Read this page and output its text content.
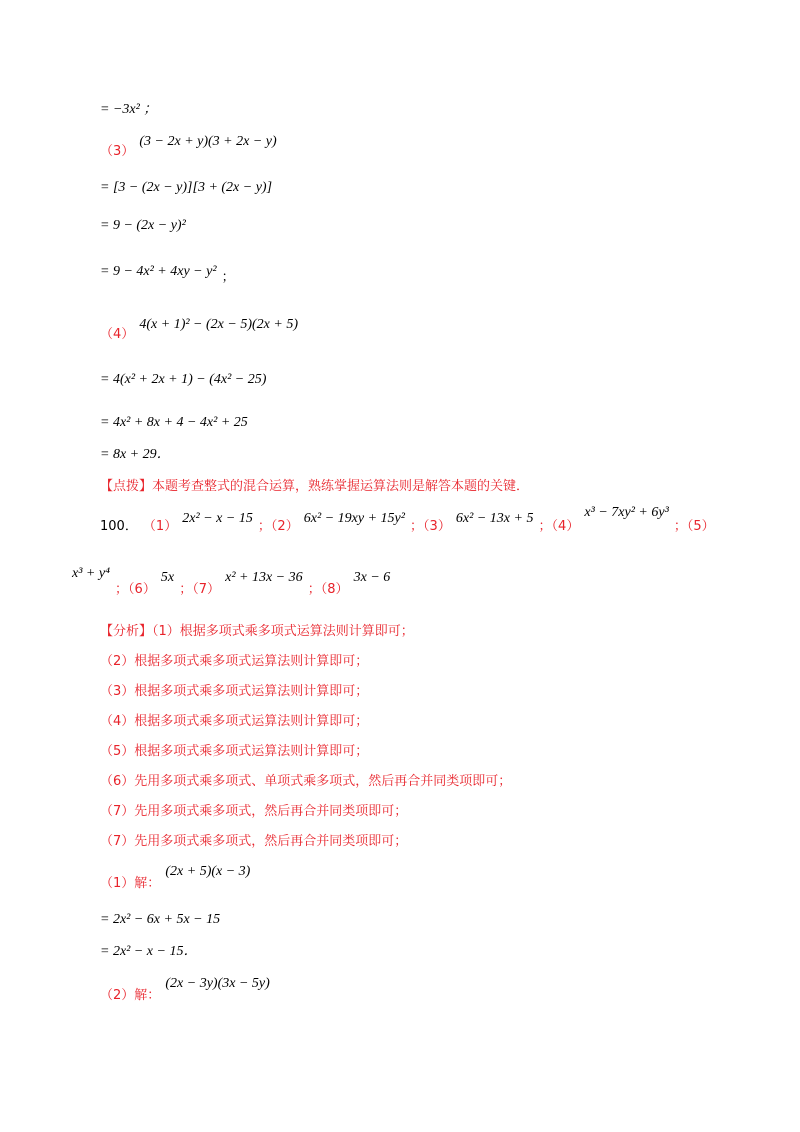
= −3x² ；
$_{(3)}$ (3 − 2x + y)(3 + 2x − y)
= [3 − (2x − y)][3 + (2x − y)]
= 9 − (2x − y)²
= 9 − 4x² + 4xy − y² $_;$
$_{(4)}$ 4(x + 1)² − (2x − 5)(2x + 5)
= 4(x² + 2x + 1) − (4x² − 25)
= 4x² + 8x + 4 − 4x² + 25
= 8x + 29．
【点拨】本题考查整式的混合运算，熟练掌握运算法则是解答本题的关键．
$_{100.}$ $_{(1)}$ 2x² − x − 15 $_{;(2)}$ 6x² − 19xy + 15y² $_{;(3)}$ 6x² − 13x + 5 $_{;(4)}$ x³ − 7xy² + 6y³ $_{;(5)}$
x³ + y⁴ $_{;(6)}$ 5x $_{;(7)}$ x² + 13x − 36 $_{;(8)}$ 3x − 6
【分析】（1）根据多项式乘多项式运算法则计算即可；
（2）根据多项式乘多项式运算法则计算即可；
（3）根据多项式乘多项式运算法则计算即可；
（4）根据多项式乘多项式运算法则计算即可；
（5）根据多项式乘多项式运算法则计算即可；
（6）先用多项式乘多项式、单项式乘多项式，然后再合并同类项即可；
（7）先用多项式乘多项式，然后再合并同类项即可；
（7）先用多项式乘多项式，然后再合并同类项即可；
$_{(1)解:}$ (2x + 5)(x − 3)
= 2x² − 6x + 5x − 15
= 2x² − x − 15．
$_{(2)解:}$ (2x − 3y)(3x − 5y)
